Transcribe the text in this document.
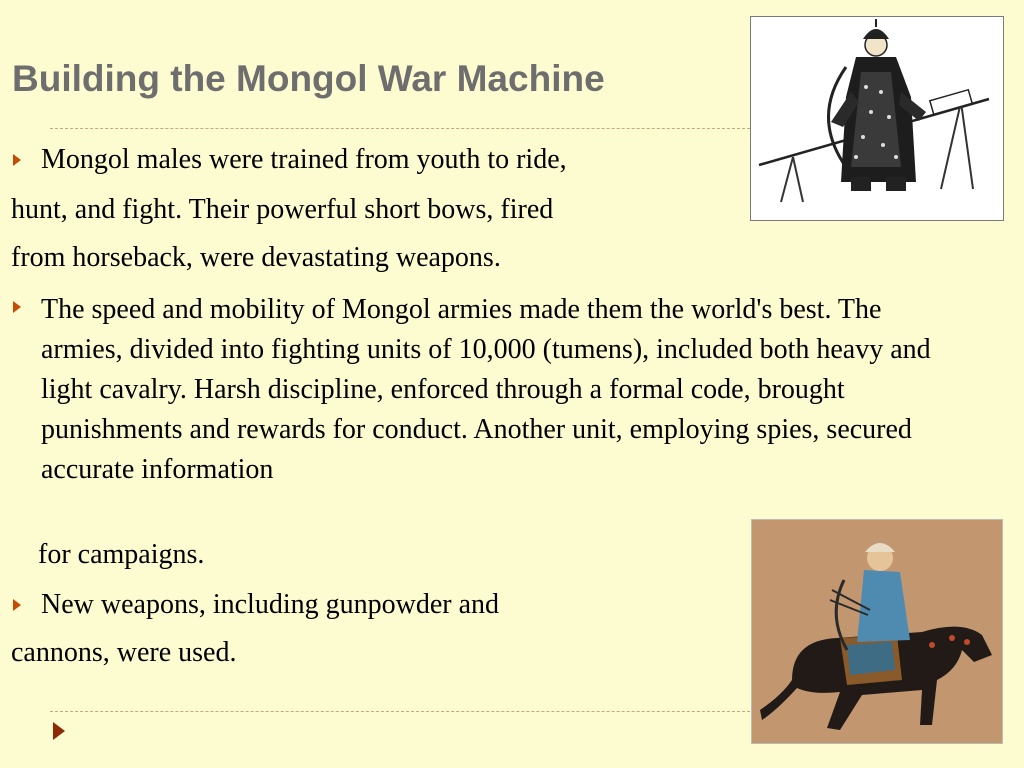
Building the Mongol War Machine
Mongol males were trained from youth to ride,
hunt, and fight. Their powerful short bows, fired
from horseback, were devastating weapons.
The speed and mobility of Mongol armies made them the world's best. The armies, divided into fighting units of 10,000 (tumens), included both heavy and light cavalry. Harsh discipline, enforced through a formal code, brought punishments and rewards for conduct. Another unit, employing spies, secured accurate information
for campaigns.
New weapons, including gunpowder and
cannons, were used.
